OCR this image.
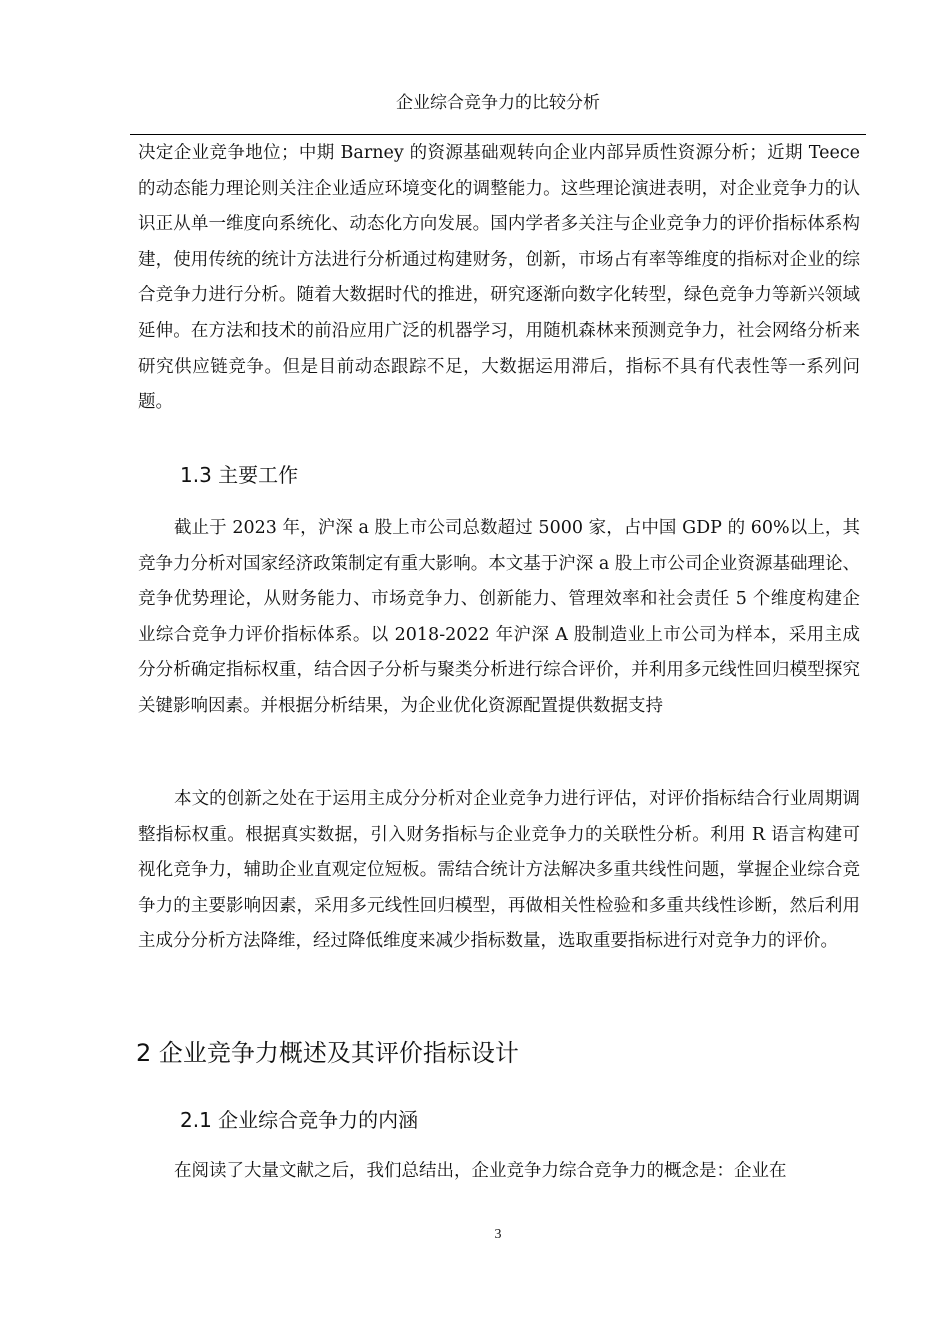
企业综合竞争力的比较分析

决定企业竞争地位；中期 Barney 的资源基础观转向企业内部异质性资源分析；近期 Teece 的动态能力理论则关注企业适应环境变化的调整能力。这些理论演进表明，对企业竞争力的认识正从单一维度向系统化、动态化方向发展。国内学者多关注与企业竞争力的评价指标体系构建，使用传统的统计方法进行分析通过构建财务，创新，市场占有率等维度的指标对企业的综合竞争力进行分析。随着大数据时代的推进，研究逐渐向数字化转型，绿色竞争力等新兴领域延伸。在方法和技术的前沿应用广泛的机器学习，用随机森林来预测竞争力，社会网络分析来研究供应链竞争。但是目前动态跟踪不足，大数据运用滞后，指标不具有代表性等一系列问题。

1.3 主要工作

截止于 2023 年，沪深 a 股上市公司总数超过 5000 家，占中国 GDP 的 60%以上，其竞争力分析对国家经济政策制定有重大影响。本文基于沪深 a 股上市公司企业资源基础理论、竞争优势理论，从财务能力、市场竞争力、创新能力、管理效率和社会责任 5 个维度构建企业综合竞争力评价指标体系。以 2018-2022 年沪深 A 股制造业上市公司为样本，采用主成分分析确定指标权重，结合因子分析与聚类分析进行综合评价，并利用多元线性回归模型探究关键影响因素。并根据分析结果，为企业优化资源配置提供数据支持

本文的创新之处在于运用主成分分析对企业竞争力进行评估，对评价指标结合行业周期调整指标权重。根据真实数据，引入财务指标与企业竞争力的关联性分析。利用 R 语言构建可视化竞争力，辅助企业直观定位短板。需结合统计方法解决多重共线性问题，掌握企业综合竞争力的主要影响因素，采用多元线性回归模型，再做相关性检验和多重共线性诊断，然后利用主成分分析方法降维，经过降低维度来减少指标数量，选取重要指标进行对竞争力的评价。

2 企业竞争力概述及其评价指标设计
2.1 企业综合竞争力的内涵

在阅读了大量文献之后，我们总结出，企业竞争力综合竞争力的概念是：企业在

3
